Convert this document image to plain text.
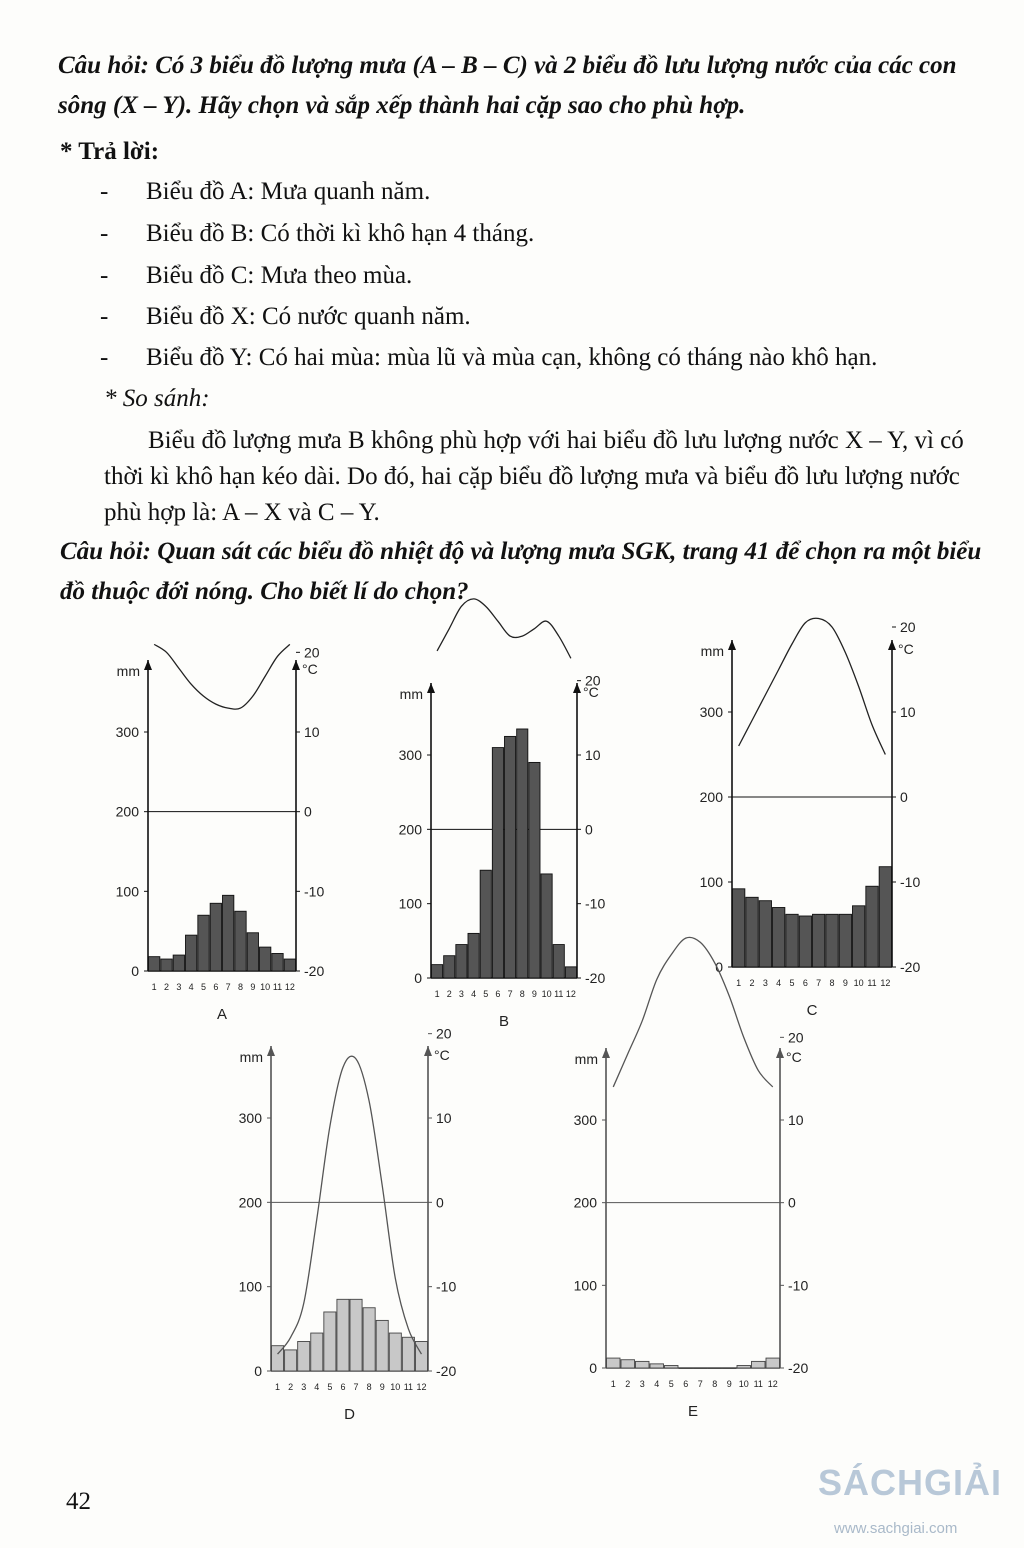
Câu hỏi: Có 3 biểu đồ lượng mưa (A – B – C) và 2 biểu đồ lưu lượng nước của các con sông (X – Y). Hãy chọn và sắp xếp thành hai cặp sao cho phù hợp.
* Trả lời:
- Biểu đồ A: Mưa quanh năm.
- Biểu đồ B: Có thời kì khô hạn 4 tháng.
- Biểu đồ C: Mưa theo mùa.
- Biểu đồ X: Có nước quanh năm.
- Biểu đồ Y: Có hai mùa: mùa lũ và mùa cạn, không có tháng nào khô hạn.
* So sánh:
Biểu đồ lượng mưa B không phù hợp với hai biểu đồ lưu lượng nước X – Y, vì có thời kì khô hạn kéo dài. Do đó, hai cặp biểu đồ lượng mưa và biểu đồ lưu lượng nước phù hợp là: A – X và C – Y.
Câu hỏi: Quan sát các biểu đồ nhiệt độ và lượng mưa SGK, trang 41 để chọn ra một biểu đồ thuộc đới nóng. Cho biết lí do chọn?
mm	°C
0
100
200
300
-20
-10
0
10
20
1 2 3 4 5 6 7 8 9 10 11 12
A
mm	°C
0
100
200
300
-20
-10
0
10
20
1 2 3 4 5 6 7 8 9 10 11 12
B
mm	°C
0
100
200
300
-20
-10
0
10
20
1 2 3 4 5 6 7 8 9 10 11 12
C
mm	°C
0
100
200
300
-20
-10
0
10
20
1 2 3 4 5 6 7 8 9 10 11 12
D
mm	°C
0
100
200
300
-20
-10
0
10
20
1 2 3 4 5 6 7 8 9 10 11 12
E
42	SÁCHGIẢI
www.sachgiai.com
